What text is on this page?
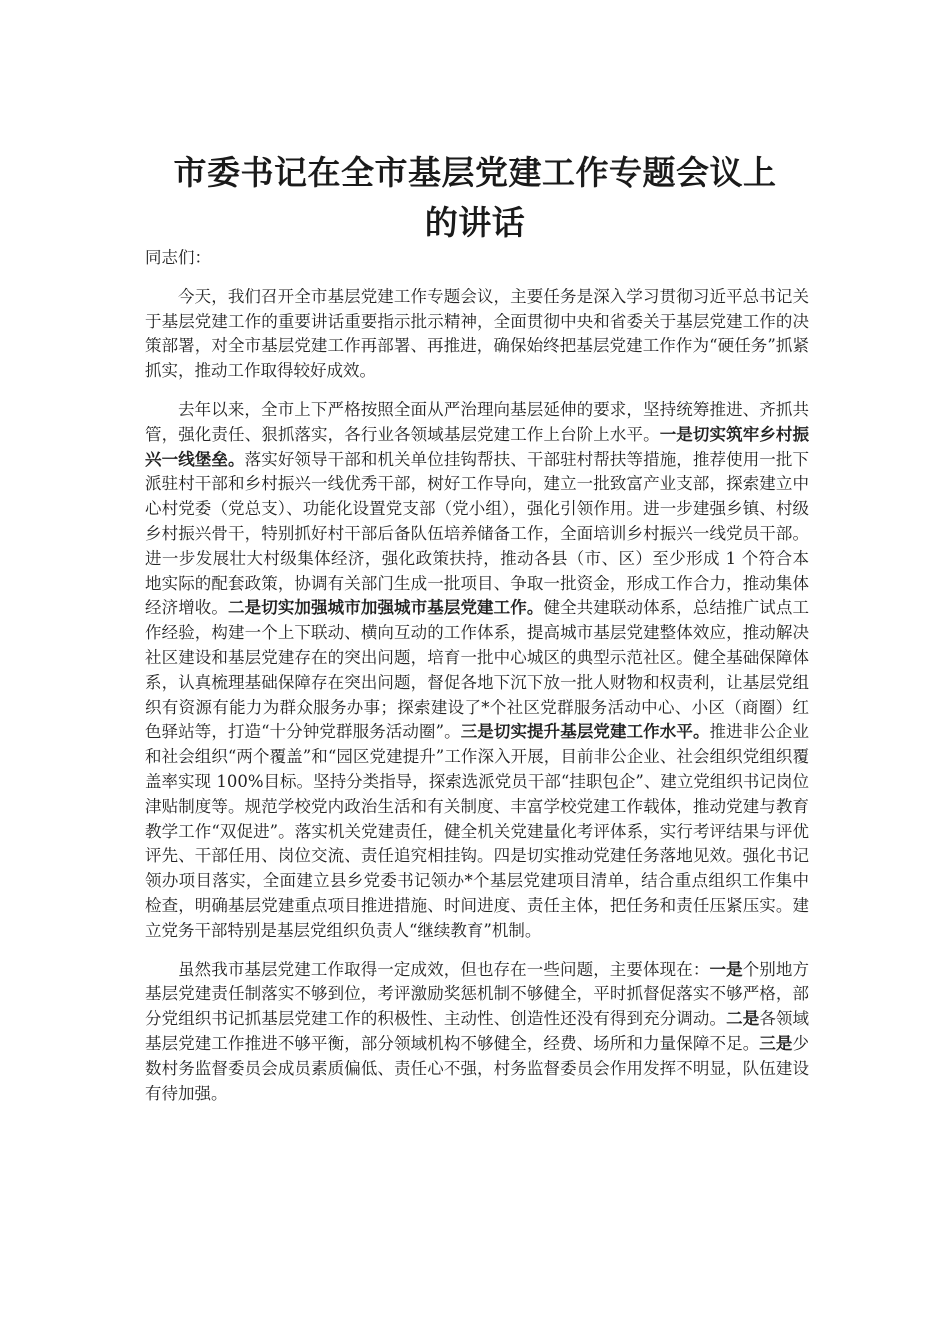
市委书记在全市基层党建工作专题会议上
的讲话

同志们：

今天，我们召开全市基层党建工作专题会议，主要任务是深入学习贯彻习近平总书记关于基层党建工作的重要讲话重要指示批示精神，全面贯彻中央和省委关于基层党建工作的决策部署，对全市基层党建工作再部署、再推进，确保始终把基层党建工作作为“硬任务”抓紧抓实，推动工作取得较好成效。

去年以来，全市上下严格按照全面从严治理向基层延伸的要求，坚持统筹推进、齐抓共管，强化责任、狠抓落实，各行业各领域基层党建工作上台阶上水平。一是切实筑牢乡村振兴一线堡垒。落实好领导干部和机关单位挂钩帮扶、干部驻村帮扶等措施，推荐使用一批下派驻村干部和乡村振兴一线优秀干部，树好工作导向，建立一批致富产业支部，探索建立中心村党委（党总支）、功能化设置党支部（党小组），强化引领作用。进一步建强乡镇、村级乡村振兴骨干，特别抓好村干部后备队伍培养储备工作，全面培训乡村振兴一线党员干部。进一步发展壮大村级集体经济，强化政策扶持，推动各县（市、区）至少形成 1 个符合本地实际的配套政策，协调有关部门生成一批项目、争取一批资金，形成工作合力，推动集体经济增收。二是切实加强城市加强城市基层党建工作。健全共建联动体系，总结推广试点工作经验，构建一个上下联动、横向互动的工作体系，提高城市基层党建整体效应，推动解决社区建设和基层党建存在的突出问题，培育一批中心城区的典型示范社区。健全基础保障体系，认真梳理基础保障存在突出问题，督促各地下沉下放一批人财物和权责利，让基层党组织有资源有能力为群众服务办事；探索建设了*个社区党群服务活动中心、小区（商圈）红色驿站等，打造“十分钟党群服务活动圈”。三是切实提升基层党建工作水平。推进非公企业和社会组织“两个覆盖”和“园区党建提升”工作深入开展，目前非公企业、社会组织党组织覆盖率实现 100%目标。坚持分类指导，探索选派党员干部“挂职包企”、建立党组织书记岗位津贴制度等。规范学校党内政治生活和有关制度、丰富学校党建工作载体，推动党建与教育教学工作“双促进”。落实机关党建责任，健全机关党建量化考评体系，实行考评结果与评优评先、干部任用、岗位交流、责任追究相挂钩。四是切实推动党建任务落地见效。强化书记领办项目落实，全面建立县乡党委书记领办*个基层党建项目清单，结合重点组织工作集中检查，明确基层党建重点项目推进措施、时间进度、责任主体，把任务和责任压紧压实。建立党务干部特别是基层党组织负责人“继续教育”机制。

虽然我市基层党建工作取得一定成效，但也存在一些问题，主要体现在：一是个别地方基层党建责任制落实不够到位，考评激励奖惩机制不够健全，平时抓督促落实不够严格，部分党组织书记抓基层党建工作的积极性、主动性、创造性还没有得到充分调动。二是各领域基层党建工作推进不够平衡，部分领域机构不够健全，经费、场所和力量保障不足。三是少数村务监督委员会成员素质偏低、责任心不强，村务监督委员会作用发挥不明显，队伍建设有待加强。
